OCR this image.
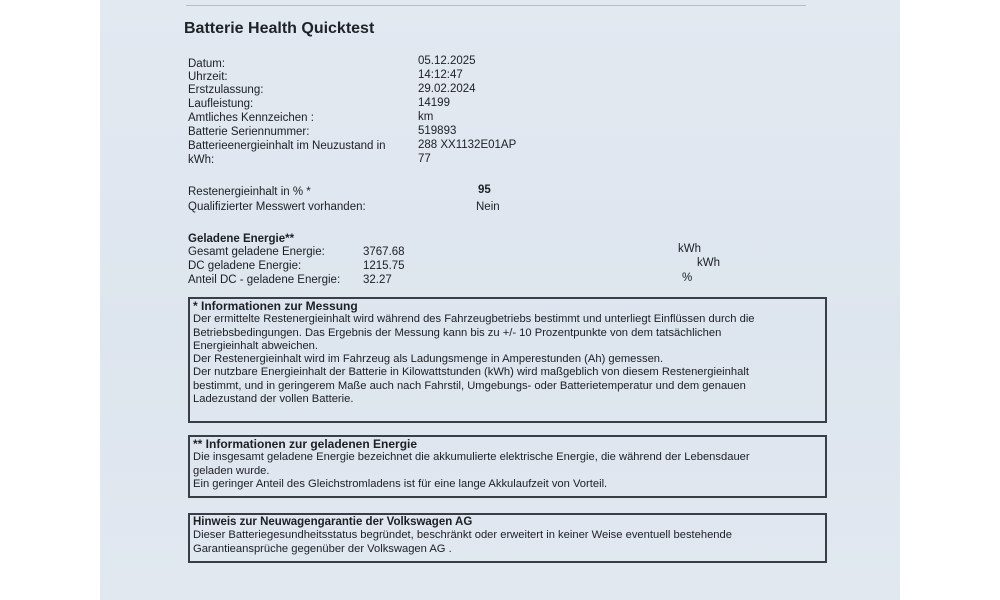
Batterie Health Quicktest
Datum:
Uhrzeit:
Erstzulassung:
Laufleistung:
Amtliches Kennzeichen :
Batterie Seriennummer:
Batterieenergieinhalt im Neuzustand in
kWh:
05.12.2025
14:12:47
29.02.2024
14199
km
519893
288 XX1132E01AP
77
Restenergieinhalt in % *	95
Qualifizierter Messwert vorhanden:	Nein
Geladene Energie**
Gesamt geladene Energie:
DC geladene Energie:
Anteil DC - geladene Energie:
3767.68
1215.75
32.27
kWh
kWh
%
* Informationen zur Messung
Der ermittelte Restenergieinhalt wird während des Fahrzeugbetriebs bestimmt und unterliegt Einflüssen durch die
Betriebsbedingungen. Das Ergebnis der Messung kann bis zu +/- 10 Prozentpunkte von dem tatsächlichen
Energieinhalt abweichen.
Der Restenergieinhalt wird im Fahrzeug als Ladungsmenge in Amperestunden (Ah) gemessen.
Der nutzbare Energieinhalt der Batterie in Kilowattstunden (kWh) wird maßgeblich von diesem Restenergieinhalt
bestimmt, und in geringerem Maße auch nach Fahrstil, Umgebungs- oder Batterietemperatur und dem genauen
Ladezustand der vollen Batterie.
** Informationen zur geladenen Energie
Die insgesamt geladene Energie bezeichnet die akkumulierte elektrische Energie, die während der Lebensdauer
geladen wurde.
Ein geringer Anteil des Gleichstromladens ist für eine lange Akkulaufzeit von Vorteil.
Hinweis zur Neuwagengarantie der Volkswagen AG
Dieser Batteriegesundheitsstatus begründet, beschränkt oder erweitert in keiner Weise eventuell bestehende
Garantieansprüche gegenüber der Volkswagen AG .
